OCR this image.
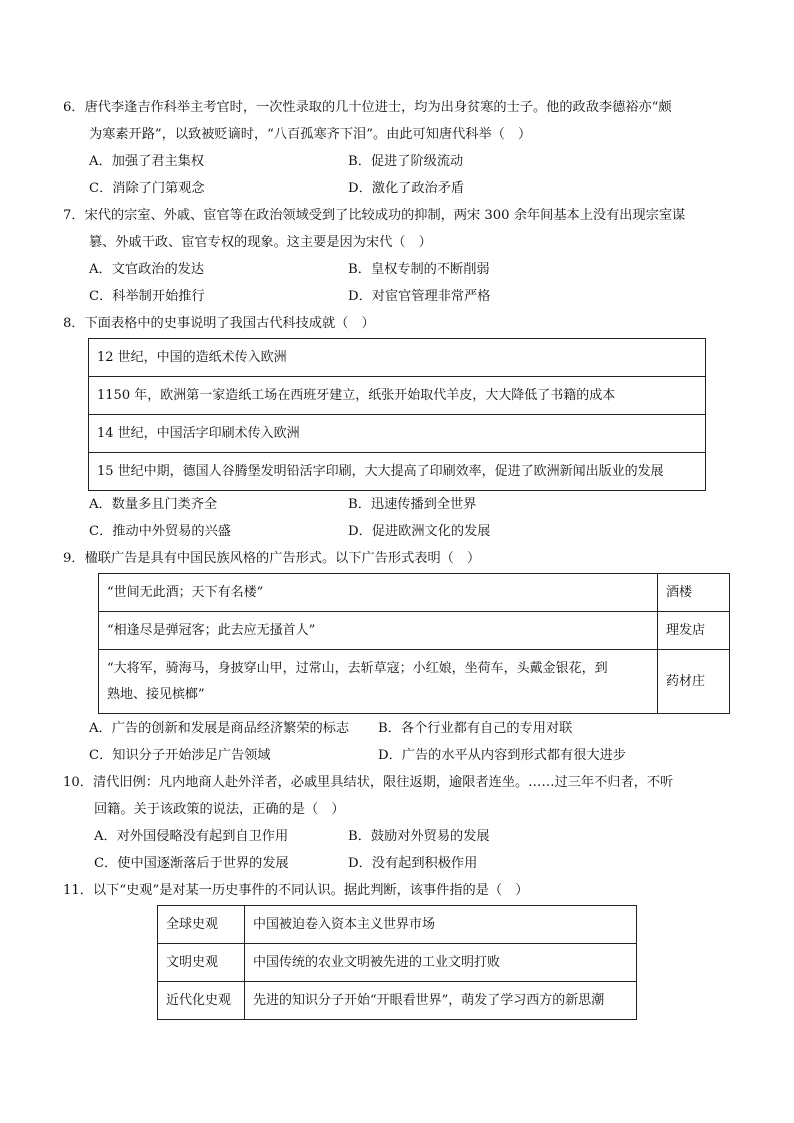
6．唐代李逢吉作科举主考官时，一次性录取的几十位进士，均为出身贫寒的士子。他的政敌李德裕亦“颇
为寒素开路”，以致被贬谪时，“八百孤寒齐下泪”。由此可知唐代科举（　）
A．加强了君主集权	B．促进了阶级流动
C．消除了门第观念	D．激化了政治矛盾
7．宋代的宗室、外戚、宦官等在政治领域受到了比较成功的抑制，两宋 300 余年间基本上没有出现宗室谋
篡、外戚干政、宦官专权的现象。这主要是因为宋代（　）
A．文官政治的发达	B．皇权专制的不断削弱
C．科举制开始推行	D．对宦官管理非常严格
8．下面表格中的史事说明了我国古代科技成就（　）
12 世纪，中国的造纸术传入欧洲
1150 年，欧洲第一家造纸工场在西班牙建立，纸张开始取代羊皮，大大降低了书籍的成本
14 世纪，中国活字印刷术传入欧洲
15 世纪中期，德国人谷腾堡发明铅活字印刷，大大提高了印刷效率，促进了欧洲新闻出版业的发展
A．数量多且门类齐全	B．迅速传播到全世界
C．推动中外贸易的兴盛	D．促进欧洲文化的发展
9．楹联广告是具有中国民族风格的广告形式。以下广告形式表明（　）
“世间无此酒；天下有名楼”	酒楼
“相逢尽是弹冠客；此去应无搔首人”	理发店

“大将军，骑海马，身披穿山甲，过常山，去斩草寇；小红娘，坐荷车，头戴金银花，到
熟地、接见槟榔”	药材庄
A．广告的创新和发展是商品经济繁荣的标志 B．各个行业都有自己的专用对联
C．知识分子开始涉足广告领域	D．广告的水平从内容到形式都有很大进步
10．清代旧例：凡内地商人赴外洋者，必戚里具结状，限往返期，逾限者连坐。……过三年不归者，不听
回籍。关于该政策的说法，正确的是（　）
A．对外国侵略没有起到自卫作用	B．鼓励对外贸易的发展
C．使中国逐渐落后于世界的发展	D．没有起到积极作用
11．以下“史观”是对某一历史事件的不同认识。据此判断，该事件指的是（　）
全球史观	中国被迫卷入资本主义世界市场
文明史观	中国传统的农业文明被先进的工业文明打败
近代化史观	先进的知识分子开始“开眼看世界”，萌发了学习西方的新思潮
